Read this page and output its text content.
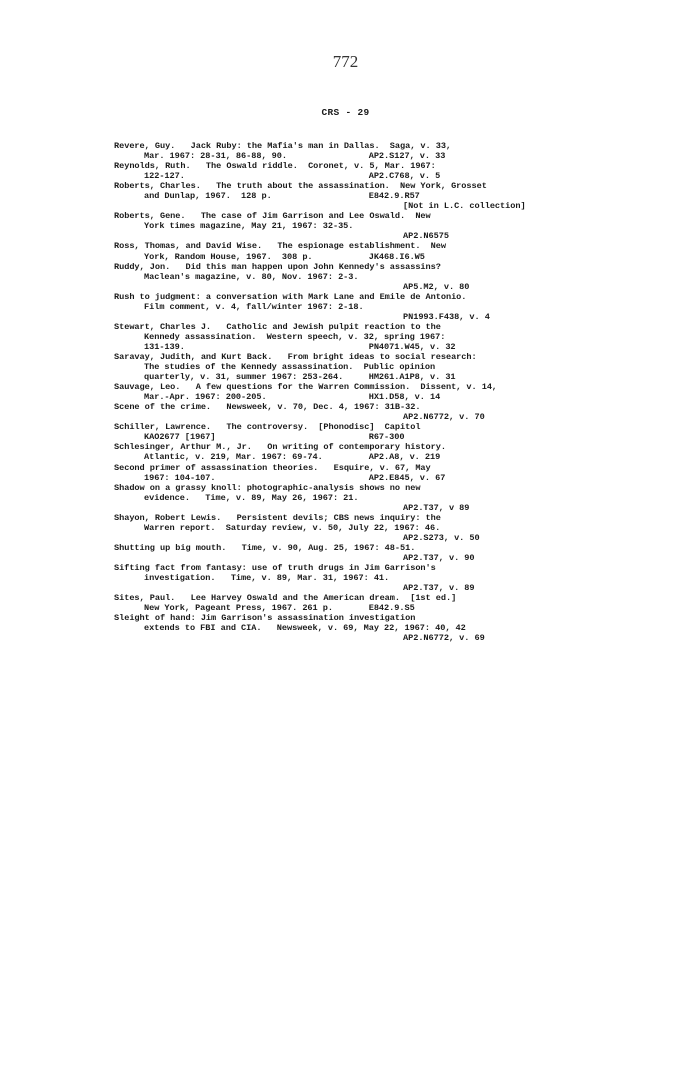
772
CRS - 29
Revere, Guy.   Jack Ruby: the Mafia's man in Dallas.  Saga, v. 33,
Mar. 1967: 28-31, 86-88, 90.                AP2.S127, v. 33
Reynolds, Ruth.   The Oswald riddle.  Coronet, v. 5, Mar. 1967:
122-127.                                    AP2.C768, v. 5
Roberts, Charles.   The truth about the assassination.  New York, Grosset
and Dunlap, 1967.  128 p.                   E842.9.R57
[Not in L.C. collection]
Roberts, Gene.   The case of Jim Garrison and Lee Oswald.  New
York times magazine, May 21, 1967: 32-35.
AP2.N6575
Ross, Thomas, and David Wise.   The espionage establishment.  New
York, Random House, 1967.  308 p.           JK468.I6.W5
Ruddy, Jon.   Did this man happen upon John Kennedy's assassins?
Maclean's magazine, v. 80, Nov. 1967: 2-3.
AP5.M2, v. 80
Rush to judgment: a conversation with Mark Lane and Emile de Antonio.
Film comment, v. 4, fall/winter 1967: 2-18.
PN1993.F438, v. 4
Stewart, Charles J.   Catholic and Jewish pulpit reaction to the
Kennedy assassination.  Western speech, v. 32, spring 1967:
131-139.                                    PN4071.W45, v. 32
Saravay, Judith, and Kurt Back.   From bright ideas to social research:
The studies of the Kennedy assassination.  Public opinion
quarterly, v. 31, summer 1967: 253-264.     HM261.A1P8, v. 31
Sauvage, Leo.   A few questions for the Warren Commission.  Dissent, v. 14,
Mar.-Apr. 1967: 200-205.                    HX1.D58, v. 14
Scene of the crime.   Newsweek, v. 70, Dec. 4, 1967: 31B-32.
AP2.N6772, v. 70
Schiller, Lawrence.   The controversy.  [Phonodisc]  Capitol
KAO2677 [1967]                              R67-300
Schlesinger, Arthur M., Jr.   On writing of contemporary history.
Atlantic, v. 219, Mar. 1967: 69-74.         AP2.A8, v. 219
Second primer of assassination theories.   Esquire, v. 67, May
1967: 104-107.                              AP2.E845, v. 67
Shadow on a grassy knoll: photographic-analysis shows no new
evidence.   Time, v. 89, May 26, 1967: 21.
AP2.T37, v 89
Shayon, Robert Lewis.   Persistent devils; CBS news inquiry: the
Warren report.  Saturday review, v. 50, July 22, 1967: 46.
AP2.S273, v. 50
Shutting up big mouth.   Time, v. 90, Aug. 25, 1967: 48-51.
AP2.T37, v. 90
Sifting fact from fantasy: use of truth drugs in Jim Garrison's
investigation.   Time, v. 89, Mar. 31, 1967: 41.
AP2.T37, v. 89
Sites, Paul.   Lee Harvey Oswald and the American dream.  [1st ed.]
New York, Pageant Press, 1967. 261 p.       E842.9.S5
Sleight of hand: Jim Garrison's assassination investigation
extends to FBI and CIA.   Newsweek, v. 69, May 22, 1967: 40, 42
AP2.N6772, v. 69
